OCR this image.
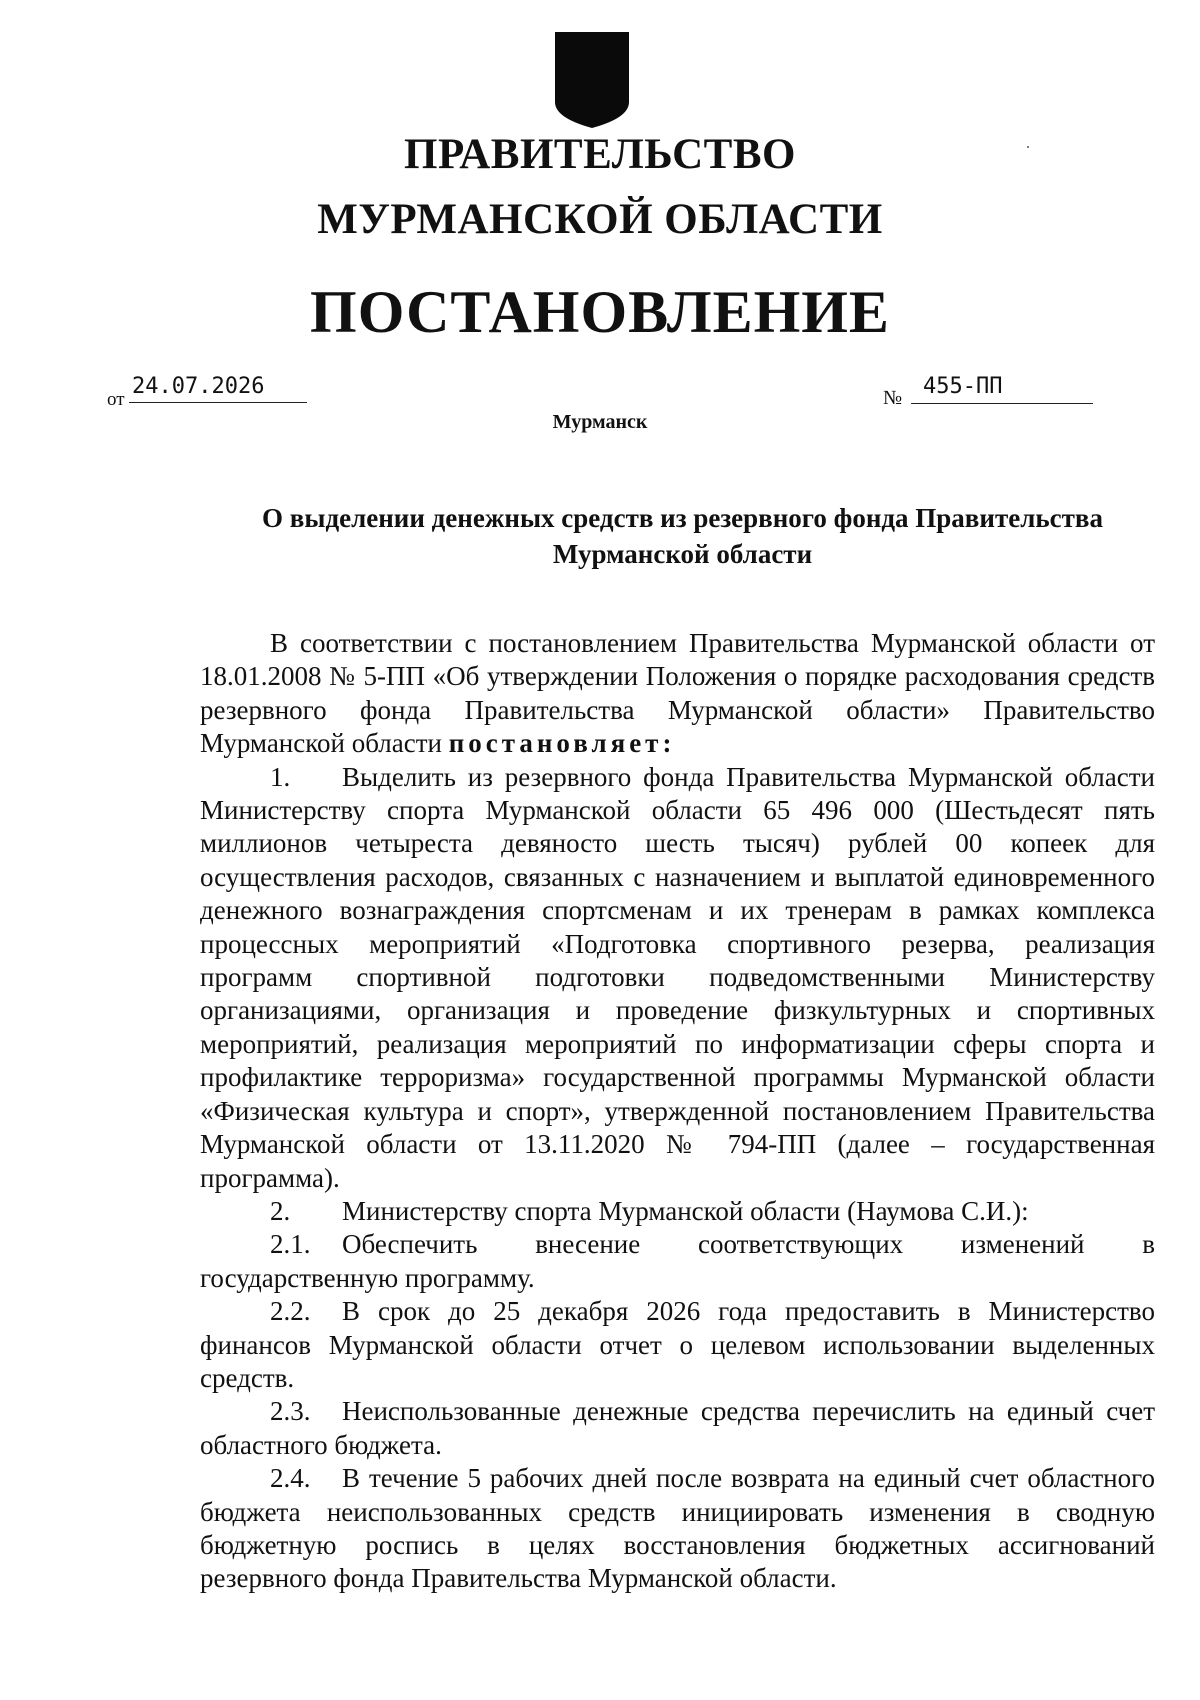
ПРАВИТЕЛЬСТВО
МУРМАНСКОЙ ОБЛАСТИ
ПОСТАНОВЛЕНИЕ
от
24.07.2026	№ 455-ПП
Мурманск
О выделении денежных средств из резервного фонда Правительства
Мурманской области

В соответствии с постановлением Правительства Мурманской области от 18.01.2008 № 5-ПП «Об утверждении Положения о порядке расходования средств резервного фонда Правительства Мурманской области» Правительство Мурманской области постановляет:

1. Выделить из резервного фонда Правительства Мурманской области Министерству спорта Мурманской области 65 496 000 (Шестьдесят пять миллионов четыреста девяносто шесть тысяч) рублей 00 копеек для осуществления расходов, связанных с назначением и выплатой единовременного денежного вознаграждения спортсменам и их тренерам в рамках комплекса процессных мероприятий «Подготовка спортивного резерва, реализация программ спортивной подготовки подведомственными Министерству организациями, организация и проведение физкультурных и спортивных мероприятий, реализация мероприятий по информатизации сферы спорта и профилактике терроризма» государственной программы Мурманской области «Физическая культура и спорт», утвержденной постановлением Правительства Мурманской области от 13.11.2020 № 794-ПП (далее – государственная программа).

2. Министерству спорта Мурманской области (Наумова С.И.):

2.1. Обеспечить внесение соответствующих изменений в государственную программу.

2.2. В срок до 25 декабря 2026 года предоставить в Министерство финансов Мурманской области отчет о целевом использовании выделенных средств.

2.3. Неиспользованные денежные средства перечислить на единый счет областного бюджета.

2.4. В течение 5 рабочих дней после возврата на единый счет областного бюджета неиспользованных средств инициировать изменения в сводную бюджетную роспись в целях восстановления бюджетных ассигнований резервного фонда Правительства Мурманской области.
